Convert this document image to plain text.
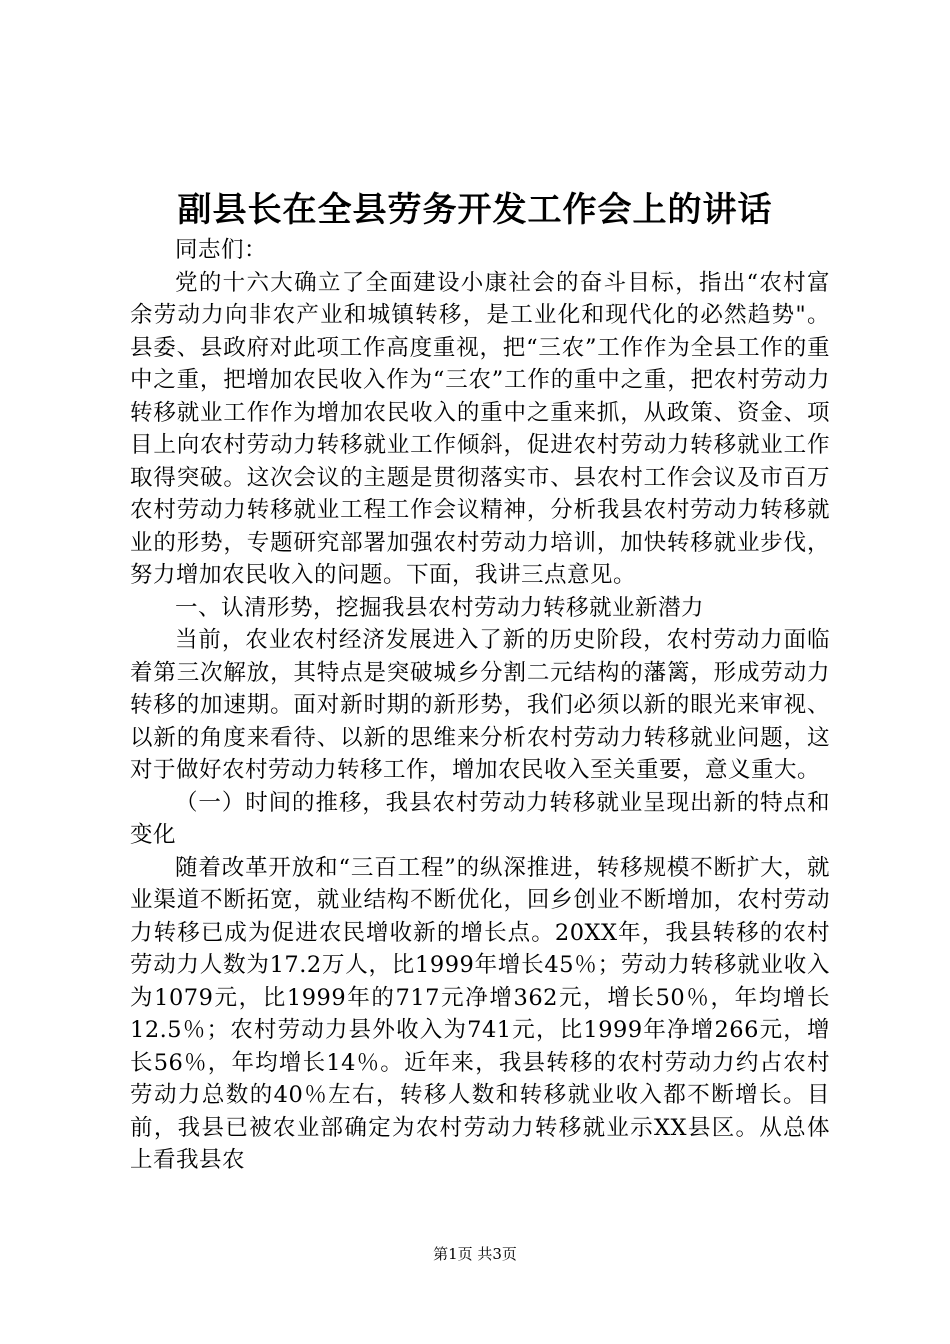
副县长在全县劳务开发工作会上的讲话

同志们：

党的十六大确立了全面建设小康社会的奋斗目标，指出“农村富余劳动力向非农产业和城镇转移，是工业化和现代化的必然趋势"。县委、县政府对此项工作高度重视，把“三农”工作作为全县工作的重中之重，把增加农民收入作为“三农”工作的重中之重，把农村劳动力转移就业工作作为增加农民收入的重中之重来抓，从政策、资金、项目上向农村劳动力转移就业工作倾斜，促进农村劳动力转移就业工作取得突破。这次会议的主题是贯彻落实市、县农村工作会议及市百万农村劳动力转移就业工程工作会议精神，分析我县农村劳动力转移就业的形势，专题研究部署加强农村劳动力培训，加快转移就业步伐，努力增加农民收入的问题。下面，我讲三点意见。

一、认清形势，挖掘我县农村劳动力转移就业新潜力

当前，农业农村经济发展进入了新的历史阶段，农村劳动力面临着第三次解放，其特点是突破城乡分割二元结构的藩篱，形成劳动力转移的加速期。面对新时期的新形势，我们必须以新的眼光来审视、以新的角度来看待、以新的思维来分析农村劳动力转移就业问题，这对于做好农村劳动力转移工作，增加农民收入至关重要，意义重大。

（一）时间的推移，我县农村劳动力转移就业呈现出新的特点和变化

随着改革开放和“三百工程”的纵深推进，转移规模不断扩大，就业渠道不断拓宽，就业结构不断优化，回乡创业不断增加，农村劳动力转移已成为促进农民增收新的增长点。20XX年，我县转移的农村劳动力人数为17.2万人，比1999年增长45％；劳动力转移就业收入为1079元，比1999年的717元净增362元，增长50％，年均增长12.5％；农村劳动力县外收入为741元，比1999年净增266元，增长56％，年均增长14％。近年来，我县转移的农村劳动力约占农村劳动力总数的40％左右，转移人数和转移就业收入都不断增长。目前，我县已被农业部确定为农村劳动力转移就业示XX县区。从总体上看我县农

第1页 共3页
